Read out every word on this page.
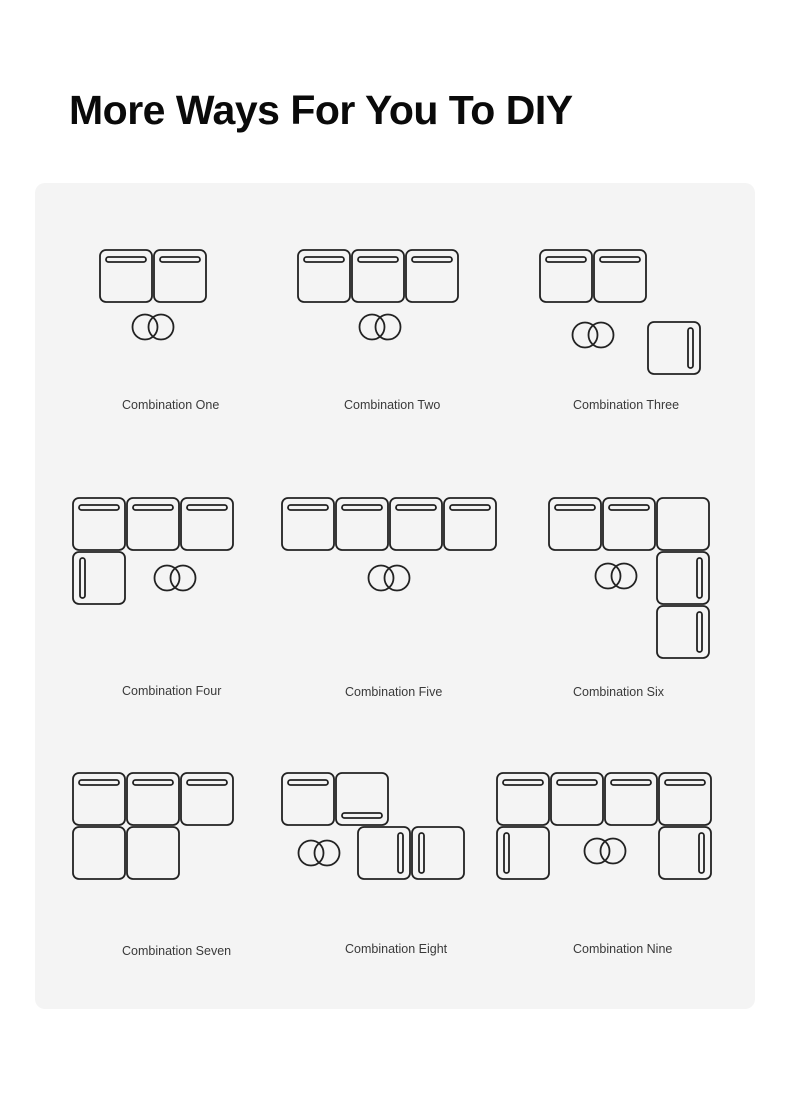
More Ways For You To DIY
Combination One	Combination Two	Combination Three
Combination Four	Combination Five	Combination Six
Combination Seven	Combination Eight	Combination Nine
